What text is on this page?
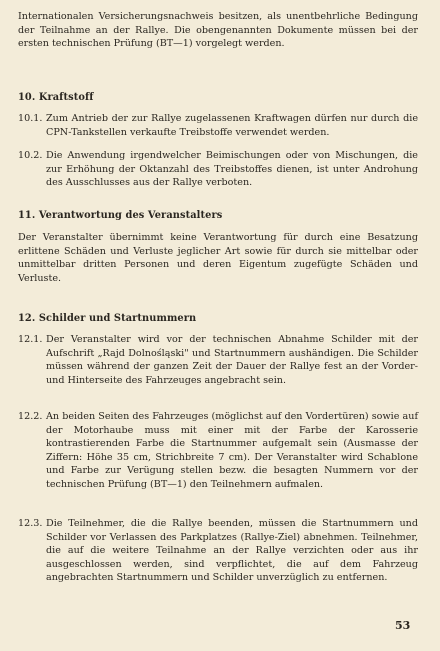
Internationalen Versicherungsnachweis besitzen, als unentbehrliche Bedingung der Teilnahme an der Rallye. Die obengenannten Dokumente müssen bei der ersten technischen Prüfung (BT—1) vorgelegt werden.

10. Kraftstoff
10.1. Zum Antrieb der zur Rallye zugelassenen Kraftwagen dürfen nur durch die CPN-Tankstellen verkaufte Treibstoffe verwendet werden.
10.2. Die Anwendung irgendwelcher Beimischungen oder von Mischungen, die zur Erhöhung der Oktanzahl des Treibstoffes dienen, ist unter Androhung des Ausschlusses aus der Rallye verboten.
11. Verantwortung des Veranstalters

Der Veranstalter übernimmt keine Verantwortung für durch eine Besatzung erlittene Schäden und Verluste jeglicher Art sowie für durch sie mittelbar oder unmittelbar dritten Personen und deren Eigentum zugefügte Schäden und Verluste.

12. Schilder und Startnummern
12.1. Der Veranstalter wird vor der technischen Abnahme Schilder mit der Aufschrift „Rajd Dolnośląski" und Startnummern aushändigen. Die Schilder müssen während der ganzen Zeit der Dauer der Rallye fest an der Vorder- und Hinterseite des Fahrzeuges angebracht sein.
12.2. An beiden Seiten des Fahrzeuges (möglichst auf den Vordertüren) sowie auf der Motorhaube muss mit einer mit der Farbe der Karosserie kontrastierenden Farbe die Startnummer aufgemalt sein (Ausmasse der Ziffern: Höhe 35 cm, Strichbreite 7 cm). Der Veranstalter wird Schablone und Farbe zur Verügung stellen bezw. die besagten Nummern vor der technischen Prüfung (BT—1) den Teilnehmern aufmalen.
12.3. Die Teilnehmer, die die Rallye beenden, müssen die Startnummern und Schilder vor Verlassen des Parkplatzes (Rallye-Ziel) abnehmen. Teilnehmer, die auf die weitere Teilnahme an der Rallye verzichten oder aus ihr ausgeschlossen werden, sind verpflichtet, die auf dem Fahrzeug angebrachten Startnummern und Schilder unverzüglich zu entfernen.
53
